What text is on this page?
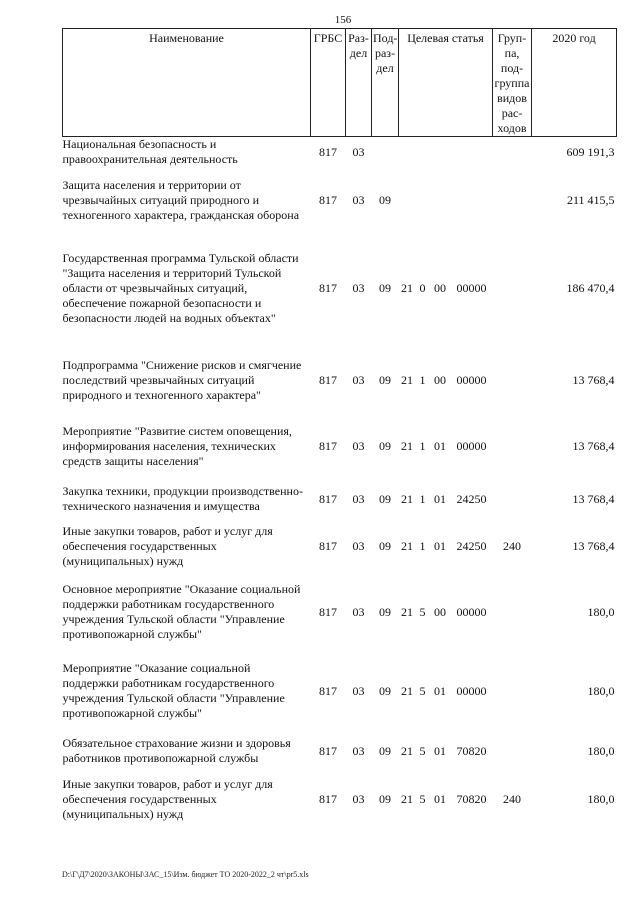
156
Наименование	ГРБС	Раз-дел	Под-раз-дел	Целевая статья				Груп-па, под-группа видов рас-ходов	2020 год
Национальная безопасность и правоохранительная деятельность	817	03							609 191,3
Защита населения и территории от чрезвычайных ситуаций природного и техногенного характера, гражданская оборона	817	03	09						211 415,5
Государственная программа Тульской области "Защита населения и территорий Тульской области от чрезвычайных ситуаций, обеспечение пожарной безопасности и безопасности людей на водных объектах"	817	03	09	21	0	00	00000		186 470,4
Подпрограмма "Снижение рисков и смягчение последствий чрезвычайных ситуаций природного и техногенного характера"	817	03	09	21	1	00	00000		13 768,4
Мероприятие "Развитие систем оповещения, информирования населения, технических средств защиты населения"	817	03	09	21	1	01	00000		13 768,4
Закупка техники, продукции производственно-технического назначения и имущества	817	03	09	21	1	01	24250		13 768,4
Иные закупки товаров, работ и услуг для обеспечения государственных (муниципальных) нужд	817	03	09	21	1	01	24250	240	13 768,4
Основное мероприятие "Оказание социальной поддержки работникам государственного учреждения Тульской области "Управление противопожарной службы"	817	03	09	21	5	00	00000		180,0
Мероприятие "Оказание социальной поддержки работникам государственного учреждения Тульской области "Управление противопожарной службы"	817	03	09	21	5	01	00000		180,0
Обязательное страхование жизни и здоровья работников противопожарной службы	817	03	09	21	5	01	70820		180,0
Иные закупки товаров, работ и услуг для обеспечения государственных (муниципальных) нужд	817	03	09	21	5	01	70820	240	180,0
D:\Г\Д7\2020\ЗАКОНЫ\ЗАС_15\Изм. бюджет ТО 2020-2022_2 чт\pr5.xls
